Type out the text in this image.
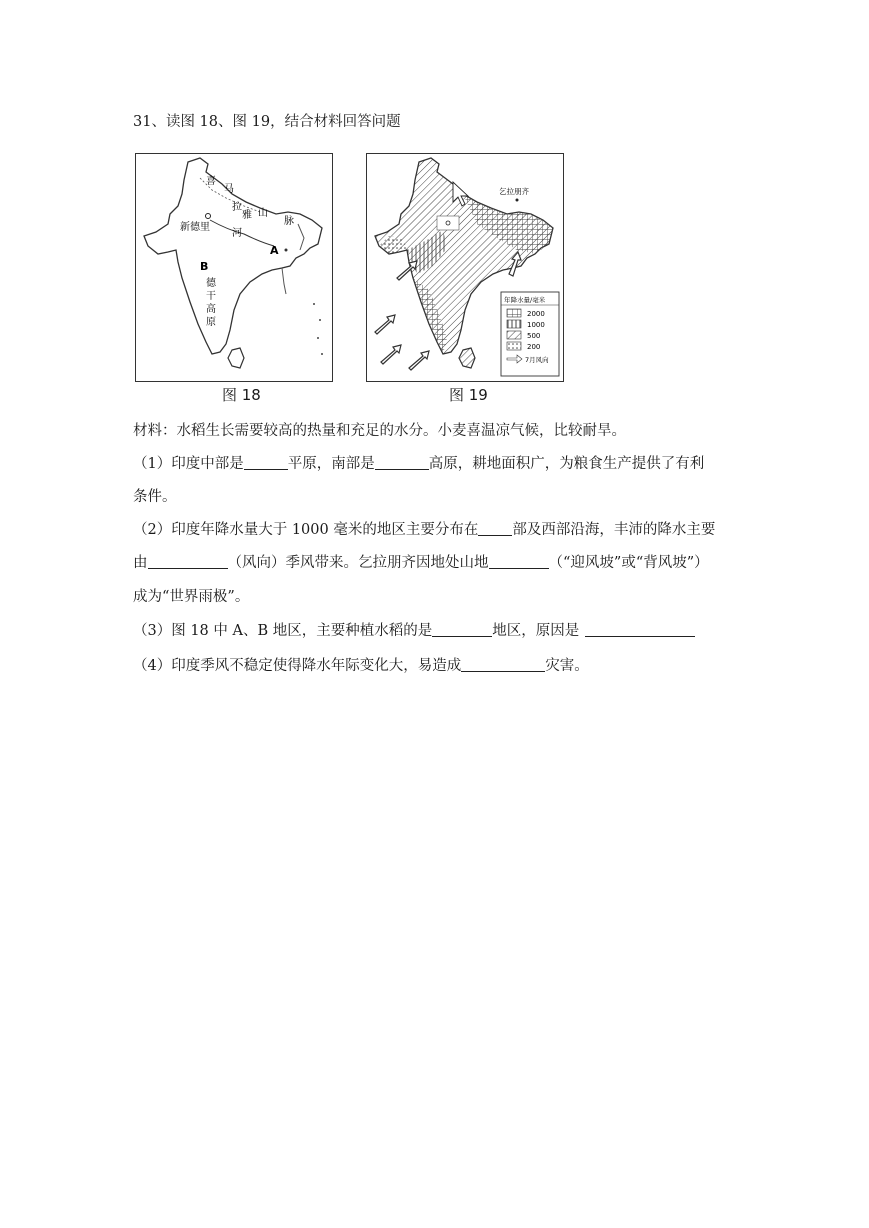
31、读图 18、图 19，结合材料回答问题
喜
马
拉
雅 山
脉
新德里
河
A
B
德
干
高
原
图 18
乞拉朋齐
年降水量/毫米
2000
1000
500
200
7月风向
图 19
材料：水稻生长需要较高的热量和充足的水分。小麦喜温凉气候，比较耐旱。
（1）印度中部是	平原，南部是	高原，耕地面积广，为粮食生产提供了有利
条件。
（2）印度年降水量大于 1000 毫米的地区主要分布在 部及西部沿海，丰沛的降水主要
由	（风向）季风带来。乞拉朋齐因地处山地	（“迎风坡”或“背风坡”）
成为“世界雨极”。
（3）图 18 中 A、B 地区，主要种植水稻的是	地区，原因是
（4）印度季风不稳定使得降水年际变化大，易造成	灾害。
